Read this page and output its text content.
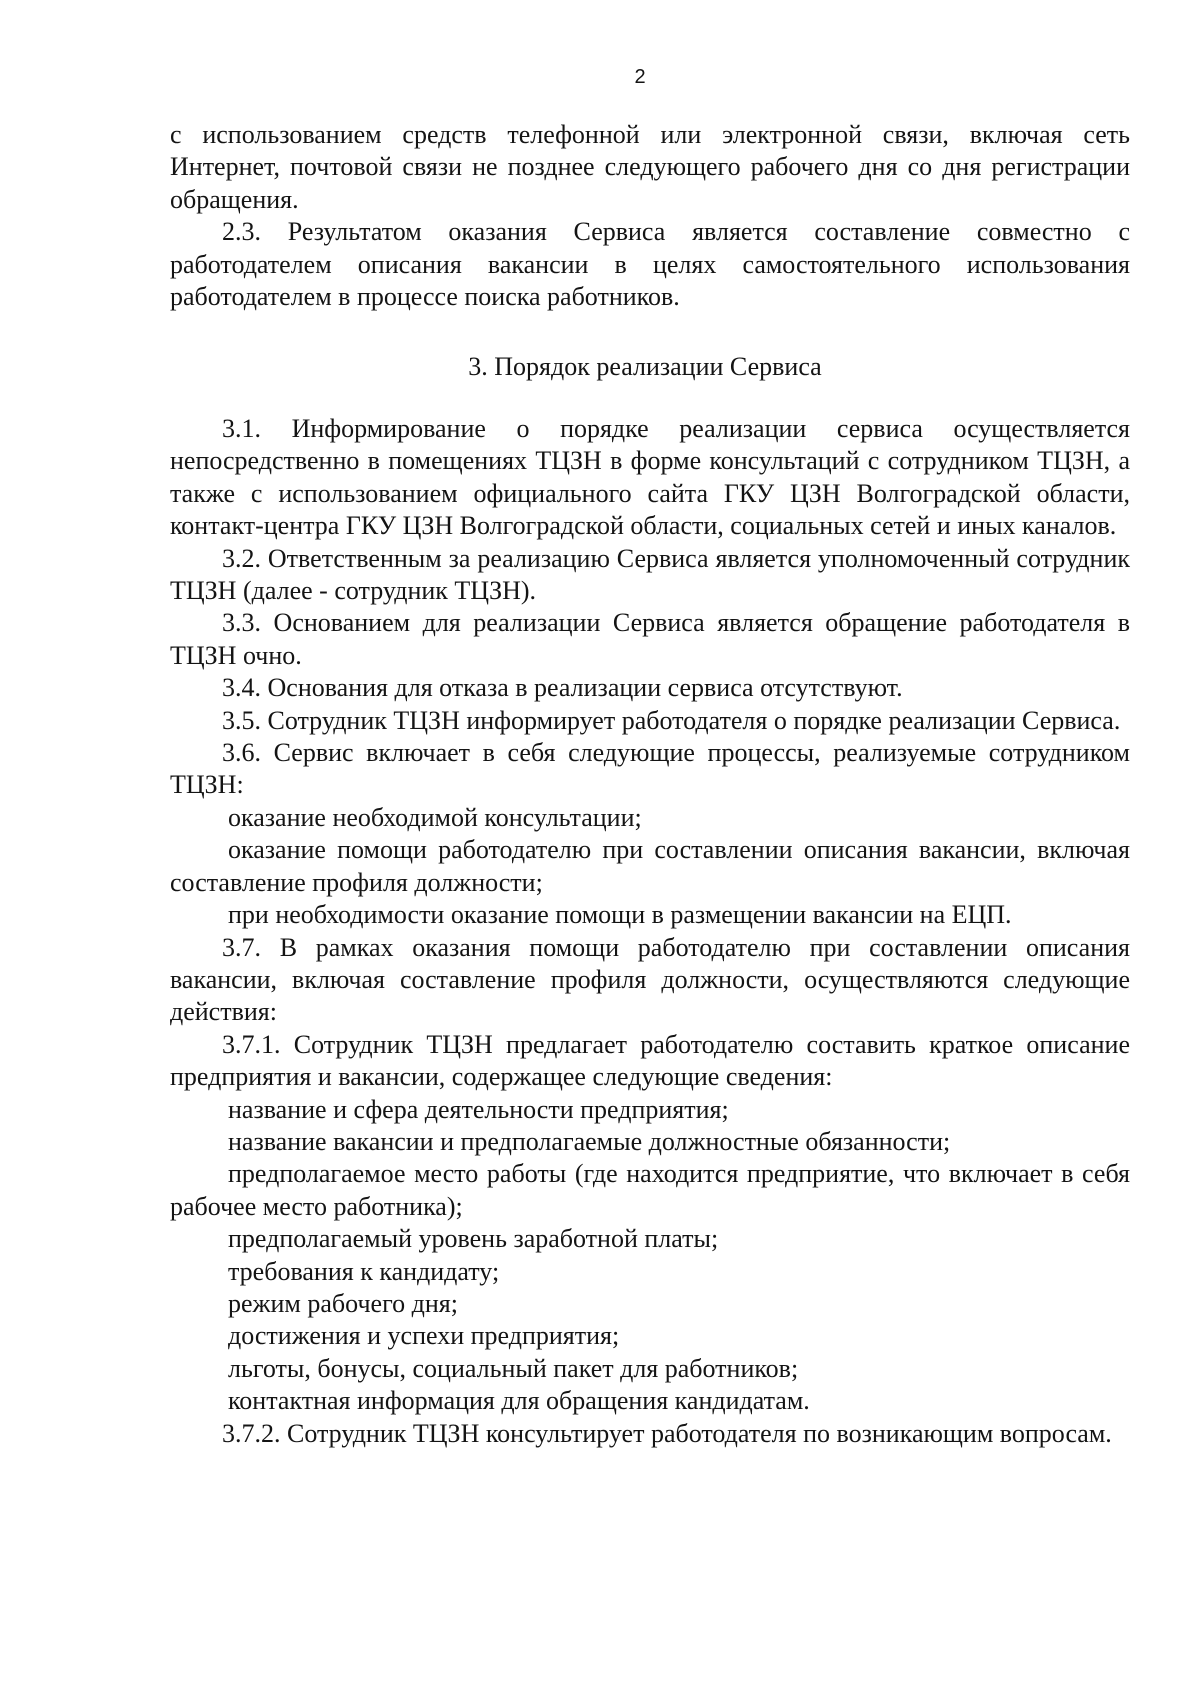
2

с использованием средств телефонной или электронной связи, включая сеть Интернет, почтовой связи не позднее следующего рабочего дня со дня регистрации обращения.

2.3. Результатом оказания Сервиса является составление совместно с работодателем описания вакансии в целях самостоятельного использования работодателем в процессе поиска работников.

3. Порядок реализации Сервиса

3.1. Информирование о порядке реализации сервиса осуществляется непосредственно в помещениях ТЦЗН в форме консультаций с сотрудником ТЦЗН, а также с использованием официального сайта ГКУ ЦЗН Волгоградской области, контакт-центра ГКУ ЦЗН Волгоградской области, социальных сетей и иных каналов.

3.2. Ответственным за реализацию Сервиса является уполномоченный сотрудник ТЦЗН (далее - сотрудник ТЦЗН).

3.3. Основанием для реализации Сервиса является обращение работодателя в ТЦЗН очно.

3.4. Основания для отказа в реализации сервиса отсутствуют.

3.5. Сотрудник ТЦЗН информирует работодателя о порядке реализации Сервиса.

3.6. Сервис включает в себя следующие процессы, реализуемые сотрудником ТЦЗН:

оказание необходимой консультации;

оказание помощи работодателю при составлении описания вакансии, включая составление профиля должности;

при необходимости оказание помощи в размещении вакансии на ЕЦП.

3.7. В рамках оказания помощи работодателю при составлении описания вакансии, включая составление профиля должности, осуществляются следующие действия:

3.7.1. Сотрудник ТЦЗН предлагает работодателю составить краткое описание предприятия и вакансии, содержащее следующие сведения:

название и сфера деятельности предприятия;

название вакансии и предполагаемые должностные обязанности;

предполагаемое место работы (где находится предприятие, что включает в себя рабочее место работника);

предполагаемый уровень заработной платы;

требования к кандидату;

режим рабочего дня;

достижения и успехи предприятия;

льготы, бонусы, социальный пакет для работников;

контактная информация для обращения кандидатам.

3.7.2. Сотрудник ТЦЗН консультирует работодателя по возникающим вопросам.
